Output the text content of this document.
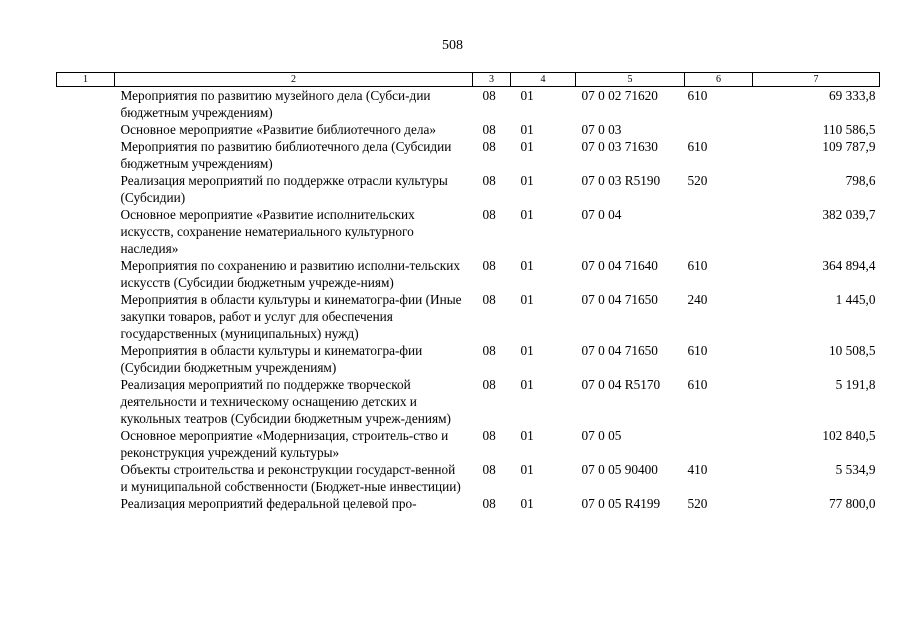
508
1	2	3	4	5	6	7
	Мероприятия по развитию музейного дела (Субси-дии бюджетным учреждениям)	08	01	07 0 02 71620	610	69 333,8
	Основное мероприятие «Развитие библиотечного дела»	08	01	07 0 03		110 586,5
	Мероприятия по развитию библиотечного дела (Субсидии бюджетным учреждениям)	08	01	07 0 03 71630	610	109 787,9
	Реализация мероприятий по поддержке отрасли культуры (Субсидии)	08	01	07 0 03 R5190	520	798,6
	Основное мероприятие «Развитие исполнительских искусств, сохранение нематериального культурного наследия»	08	01	07 0 04		382 039,7
	Мероприятия по сохранению и развитию исполни-тельских искусств (Субсидии бюджетным учрежде-ниям)	08	01	07 0 04 71640	610	364 894,4
	Мероприятия в области культуры и кинематогра-фии (Иные закупки товаров, работ и услуг для обеспечения государственных (муниципальных) нужд)	08	01	07 0 04 71650	240	1 445,0
	Мероприятия в области культуры и кинематогра-фии (Субсидии бюджетным учреждениям)	08	01	07 0 04 71650	610	10 508,5
	Реализация мероприятий по поддержке творческой деятельности и техническому оснащению детских и кукольных театров (Субсидии бюджетным учреж-дениям)	08	01	07 0 04 R5170	610	5 191,8
	Основное мероприятие «Модернизация, строитель-ство и реконструкция учреждений культуры»	08	01	07 0 05		102 840,5
	Объекты строительства и реконструкции государст-венной и муниципальной собственности (Бюджет-ные инвестиции)	08	01	07 0 05 90400	410	5 534,9
	Реализация мероприятий федеральной целевой про-	08	01	07 0 05 R4199	520	77 800,0
